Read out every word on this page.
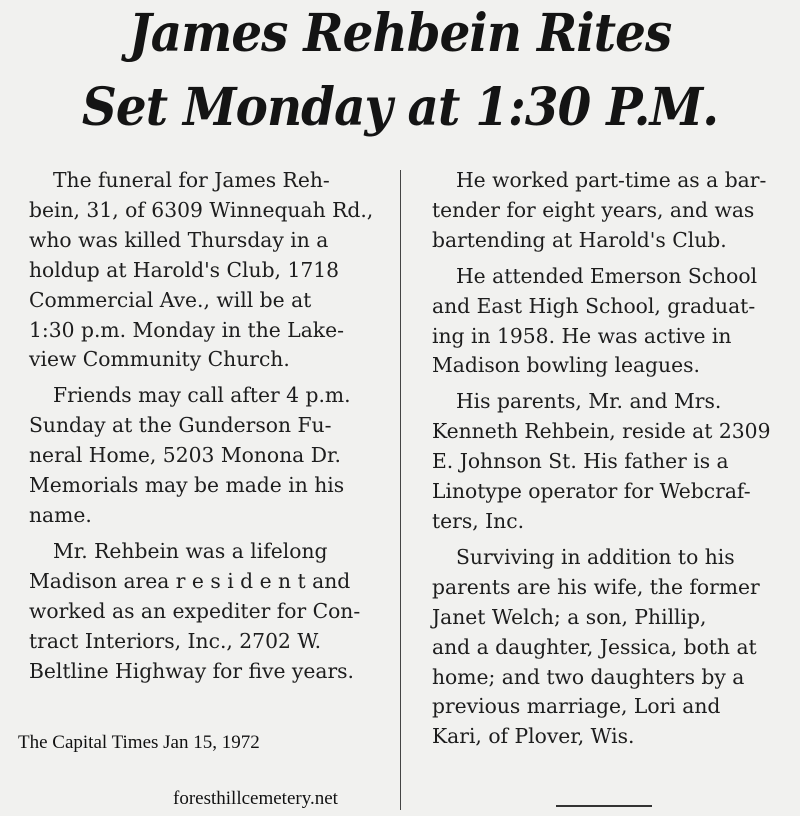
James Rehbein Rites
Set Monday at 1:30 P.M.

The funeral for James Reh-
bein, 31, of 6309 Winnequah Rd.,
who was killed Thursday in a
holdup at Harold's Club, 1718
Commercial Ave., will be at
1:30 p.m. Monday in the Lake-
view Community Church.

Friends may call after 4 p.m.
Sunday at the Gunderson Fu-
neral Home, 5203 Monona Dr.
Memorials may be made in his
name.

Mr. Rehbein was a lifelong
Madison area r e s i d e n t and
worked as an expediter for Con-
tract Interiors, Inc., 2702 W.
Beltline Highway for five years.

He worked part-time as a bar-
tender for eight years, and was
bartending at Harold's Club.

He attended Emerson School
and East High School, graduat-
ing in 1958. He was active in
Madison bowling leagues.

His parents, Mr. and Mrs.
Kenneth Rehbein, reside at 2309
E. Johnson St. His father is a
Linotype operator for Webcraf-
ters, Inc.

Surviving in addition to his
parents are his wife, the former
Janet Welch; a son, Phillip,
and a daughter, Jessica, both at
home; and two daughters by a
previous marriage, Lori and
Kari, of Plover, Wis.

The Capital Times Jan 15, 1972
foresthillcemetery.net
